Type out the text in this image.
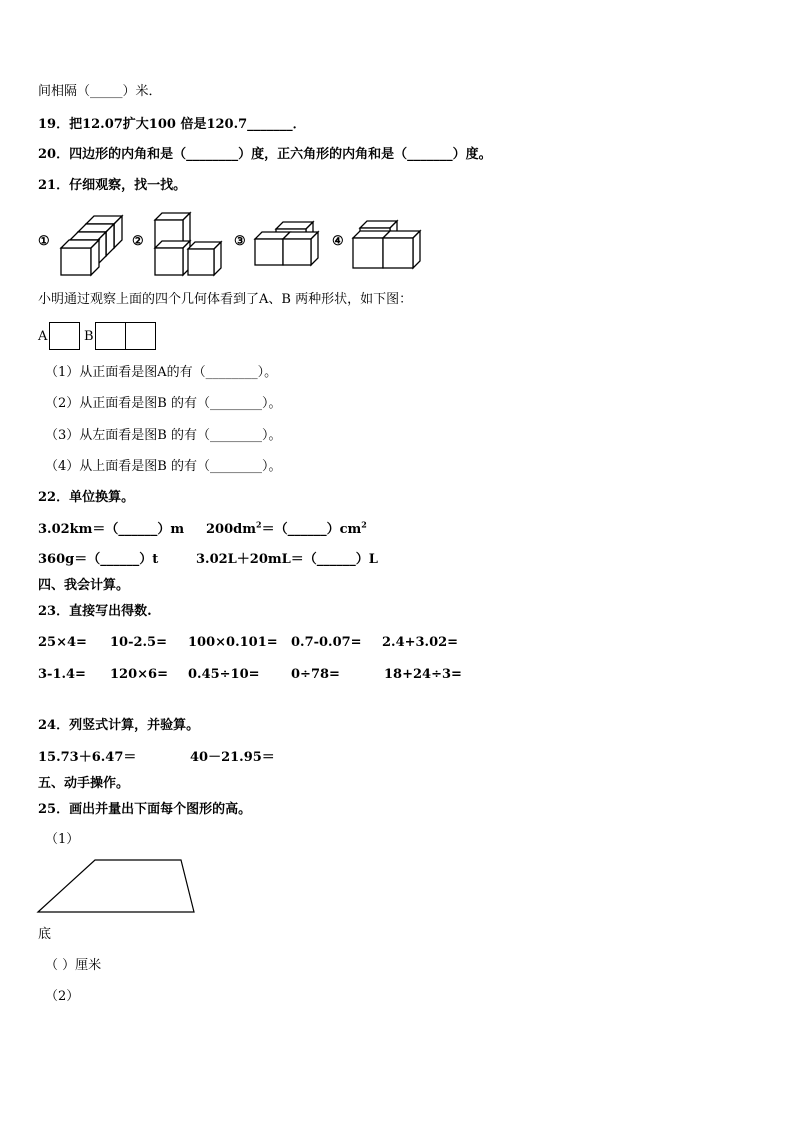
间相隔（_____）米．
19．把12.07扩大100 倍是120.7_______．
20．四边形的内角和是（________）度，正六角形的内角和是（_______）度。
21．仔细观察，找一找。
①	②	③	④
小明通过观察上面的四个几何体看到了A、B 两种形状，如下图：
A	B
（1）从正面看是图A的有（________）。
（2）从正面看是图B 的有（________）。
（3）从左面看是图B 的有（________）。
（4）从上面看是图B 的有（________）。
22．单位换算。
3.02km＝（______）m $200dm^2=(\_\_\_\_\_\_)cm^2$
360g＝（______）t	3.02L＋20mL＝（______）L
四、我会计算。
23．直接写出得数.
25×4= 10-2.5= 100×0.101= 0.7-0.07= 2.4+3.02=
3-1.4= 120×6= 0.45÷10= 0÷78=	18+24÷3=
24．列竖式计算，并验算。
15.73＋6.47＝	40－21.95＝
五、动手操作。
25．画出并量出下面每个图形的高。
（1）
底
（ ）厘米
（2）
